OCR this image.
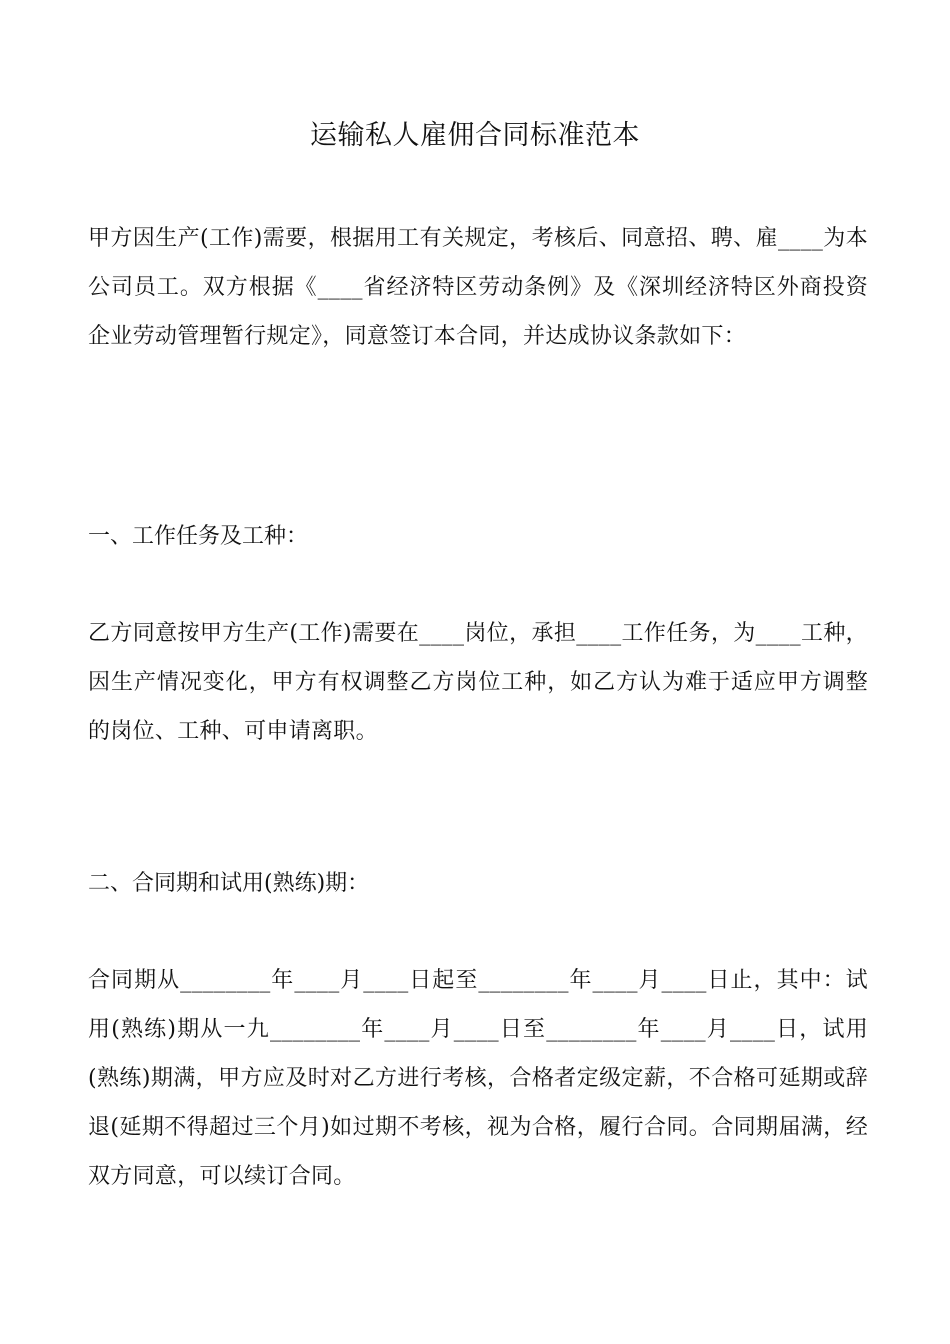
运输私人雇佣合同标准范本

甲方因生产(工作)需要，根据用工有关规定，考核后、同意招、聘、雇____为本公司员工。双方根据《____省经济特区劳动条例》及《深圳经济特区外商投资企业劳动管理暂行规定》，同意签订本合同，并达成协议条款如下：

一、工作任务及工种：

乙方同意按甲方生产(工作)需要在____岗位，承担____工作任务，为____工种，因生产情况变化，甲方有权调整乙方岗位工种，如乙方认为难于适应甲方调整的岗位、工种、可申请离职。

二、合同期和试用(熟练)期：

合同期从________年____月____日起至________年____月____日止，其中：试用(熟练)期从一九________年____月____日至________年____月____日，试用(熟练)期满，甲方应及时对乙方进行考核，合格者定级定薪，不合格可延期或辞退(延期不得超过三个月)如过期不考核，视为合格，履行合同。合同期届满，经双方同意，可以续订合同。
